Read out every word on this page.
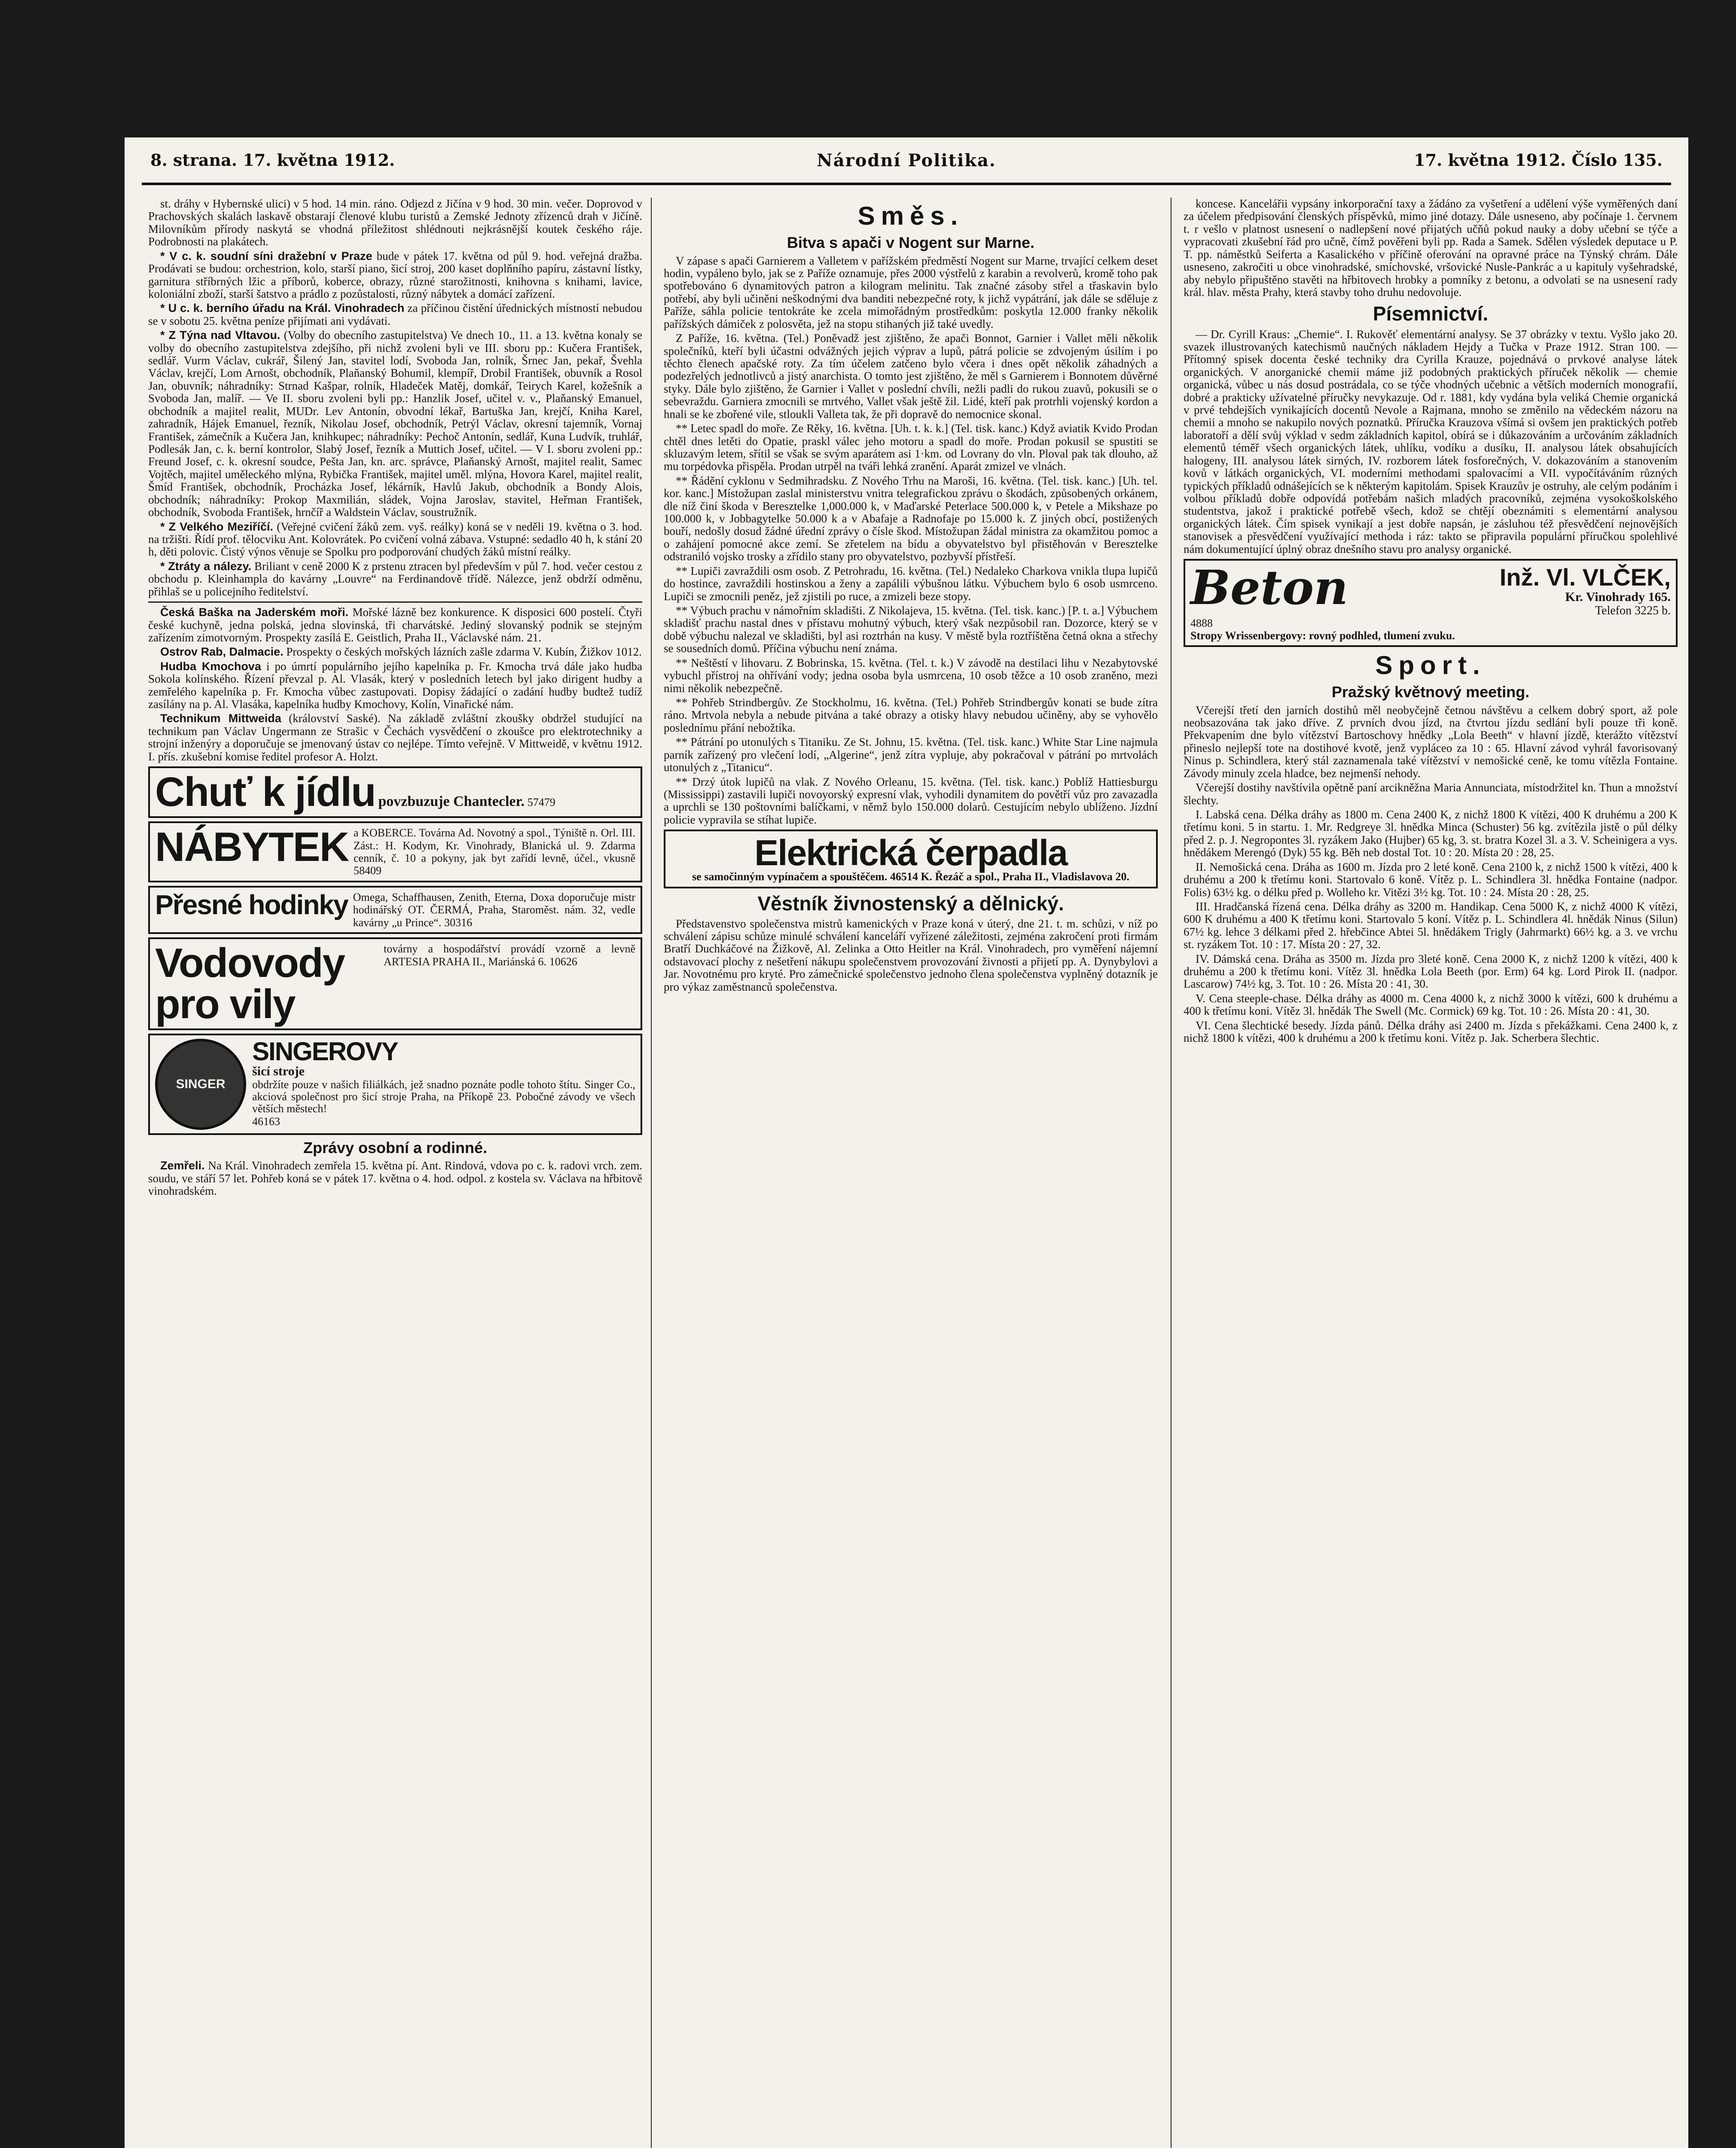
8. strana. 17. května 1912.	Národní Politika.	17. května 1912. Číslo 135.

st. dráhy v Hybernské ulici) v 5 hod. 14 min. ráno. Odjezd z Jičína v 9 hod. 30 min. večer. Doprovod v Prachovských skalách laskavě obstarají členové klubu turistů a Zemské Jednoty zřízenců drah v Jičíně. Milovníkům přírody naskytá se vhodná příležitost shlédnouti nejkrásnější koutek českého ráje. Podrobnosti na plakátech.

* V c. k. soudní síni dražební v Praze bude v pátek 17. května od půl 9. hod. veřejná dražba. Prodávati se budou: orchestrion, kolo, starší piano, šicí stroj, 200 kaset doplňního papíru, zástavní lístky, garnitura stříbrných lžic a příborů, koberce, obrazy, různé starožitnosti, knihovna s knihami, lavice, koloniální zboží, starší šatstvo a prádlo z pozůstalosti, různý nábytek a domácí zařízení.

* U c. k. berního úřadu na Král. Vinohradech za příčinou čistění úřednických místností nebudou se v sobotu 25. května peníze přijímati ani vydávati.

* Z Týna nad Vltavou. (Volby do obecního zastupitelstva) Ve dnech 10., 11. a 13. května konaly se volby do obecního zastupitelstva zdejšího, při nichž zvoleni byli ve III. sboru pp.: Kučera František, sedlář. Vurm Václav, cukrář, Šilený Jan, stavitel lodí, Svoboda Jan, rolník, Šrnec Jan, pekař, Švehla Václav, krejčí, Lom Arnošt, obchodník, Plaňanský Bohumil, klempíř, Drobil František, obuvník a Rosol Jan, obuvník; náhradníky: Strnad Kašpar, rolník, Hladeček Matěj, domkář, Teirych Karel, kožešník a Svoboda Jan, malíř. — Ve II. sboru zvoleni byli pp.: Hanzlik Josef, učitel v. v., Plaňanský Emanuel, obchodník a majitel realit, MUDr. Lev Antonín, obvodní lékař, Bartuška Jan, krejčí, Kniha Karel, zahradník, Hájek Emanuel, řezník, Nikolau Josef, obchodník, Petrýl Václav, okresní tajemník, Vornaj František, zámečník a Kučera Jan, knihkupec; náhradníky: Pechoč Antonín, sedlář, Kuna Ludvík, truhlář, Podlesák Jan, c. k. berní kontrolor, Slabý Josef, řezník a Muttich Josef, učitel. — V I. sboru zvoleni pp.: Freund Josef, c. k. okresní soudce, Pešta Jan, kn. arc. správce, Plaňanský Arnošt, majitel realit, Samec Vojtěch, majitel uměleckého mlýna, Rybička František, majitel uměl. mlýna, Hovora Karel, majitel realit, Šmíd František, obchodník, Procházka Josef, lékárník, Havlů Jakub, obchodník a Bondy Alois, obchodník; náhradníky: Prokop Maxmilián, sládek, Vojna Jaroslav, stavitel, Heřman František, obchodník, Svoboda František, hrnčíř a Waldstein Václav, soustružník.

* Z Velkého Meziříčí. (Veřejné cvičení žáků zem. vyš. reálky) koná se v neděli 19. května o 3. hod. na tržišti. Řídí prof. tělocviku Ant. Kolovrátek. Po cvičení volná zábava. Vstupné: sedadlo 40 h, k stání 20 h, děti polovic. Čistý výnos věnuje se Spolku pro podporování chudých žáků místní reálky.

* Ztráty a nálezy. Briliant v ceně 2000 K z prstenu ztracen byl především v půl 7. hod. večer cestou z obchodu p. Kleinhampla do kavárny „Louvre“ na Ferdinandově třídě. Nálezce, jenž obdrží odměnu, přihlaš se u policejního ředitelství.

Česká Baška na Jaderském moři. Mořské lázně bez konkurence. K disposici 600 postelí. Čtyři české kuchyně, jedna polská, jedna slovinská, tři charvátské. Jediný slovanský podnik se stejným zařízením zimotvorným. Prospekty zasílá E. Geistlich, Praha II., Václavské nám. 21.

Ostrov Rab, Dalmacie. Prospekty o českých mořských lázních zašle zdarma V. Kubín, Žižkov 1012.

Hudba Kmochova i po úmrtí populárního jejího kapelníka p. Fr. Kmocha trvá dále jako hudba Sokola kolínského. Řízení převzal p. Al. Vlasák, který v posledních letech byl jako dirigent hudby a zemřelého kapelníka p. Fr. Kmocha vůbec zastupovati. Dopisy žádající o zadání hudby budtež tudíž zasílány na p. Al. Vlasáka, kapelníka hudby Kmochovy, Kolín, Vinařické nám.

Technikum Mittweida (království Saské). Na základě zvláštní zkoušky obdržel studující na technikum pan Václav Ungermann ze Strašic v Čechách vysvědčení o zkoušce pro elektrotechniky a strojní inženýry a doporučuje se jmenovaný ústav co nejlépe. Tímto veřejně. V Mittweidě, v květnu 1912. I. přís. zkušební komise ředitel profesor A. Holzt.

Chuť k jídlu povzbuzuje Chantecler. 57479
NÁBYTEK a KOBERCE. Továrna Ad. Novotný a spol., Týniště n. Orl. III. Zást.: H. Kodym, Kr. Vinohrady, Blanická ul. 9. Zdarma cenník, č. 10 a pokyny, jak byt zařídí levně, účel., vkusně 58409
Přesné hodinky Omega, Schaffhausen, Zenith, Eterna, Doxa doporučuje mistr hodinářský OT. ČERMÁ, Praha, Staroměst. nám. 32, vedle kavárny „u Prince“. 30316
Vodovody pro vily
továrny a hospodářství provádí vzorně a levně ARTESIA PRAHA II., Mariánská 6. 10626
SINGER
SINGEROVY
šicí stroje
obdržíte pouze v našich filiálkách, jež snadno poznáte podle tohoto štítu. Singer Co., akciová společnost pro šicí stroje Praha, na Příkopě 23. Pobočné závody ve všech větších městech!
46163
Zprávy osobní a rodinné.

Zemřeli. Na Král. Vinohradech zemřela 15. května pí. Ant. Rindová, vdova po c. k. radovi vrch. zem. soudu, ve stáří 57 let. Pohřeb koná se v pátek 17. května o 4. hod. odpol. z kostela sv. Václava na hřbitově vinohradském.

Směs.
Bitva s apači v Nogent sur Marne.

V zápase s apači Garnierem a Valletem v pařížském předměstí Nogent sur Marne, trvající celkem deset hodin, vypáleno bylo, jak se z Paříže oznamuje, přes 2000 výstřelů z karabin a revolverů, kromě toho pak spotřebováno 6 dynamitových patron a kilogram melinitu. Tak značné zásoby střel a třaskavin bylo potřebí, aby byli učiněni neškodnými dva banditi nebezpečné roty, k jichž vypátrání, jak dále se sděluje z Paříže, sáhla policie tentokráte ke zcela mimořádným prostředkům: poskytla 12.000 franky několik pařížských dámiček z polosvěta, jež na stopu stihaných již také uvedly.

Z Paříže, 16. května. (Tel.) Poněvadž jest zjištěno, že apači Bonnot, Garnier i Vallet měli několik společníků, kteří byli účastni odvážných jejich výprav a lupů, pátrá policie se zdvojeným úsilím i po těchto členech apačské roty. Za tím účelem zatčeno bylo včera i dnes opět několik záhadných a podezřelých jednotlivců a jistý anarchista. O tomto jest zjištěno, že měl s Garnierem i Bonnotem důvěrné styky. Dále bylo zjištěno, že Garnier i Vallet v poslední chvíli, nežli padli do rukou zuavů, pokusili se o sebevraždu. Garniera zmocnili se mrtvého, Vallet však ještě žil. Lidé, kteří pak protrhli vojenský kordon a hnali se ke zbořené vile, stloukli Valleta tak, že při dopravě do nemocnice skonal.

** Letec spadl do moře. Ze Rěky, 16. května. [Uh. t. k. k.] (Tel. tisk. kanc.) Když aviatik Kvido Prodan chtěl dnes letěti do Opatie, praskl válec jeho motoru a spadl do moře. Prodan pokusil se spustiti se skluzavým letem, sřítil se však se svým aparátem asi 1·km. od Lovrany do vln. Ploval pak tak dlouho, až mu torpédovka přispěla. Prodan utrpěl na tváři lehká zranění. Aparát zmizel ve vlnách.

** Řádění cyklonu v Sedmihradsku. Z Nového Trhu na Maroši, 16. května. (Tel. tisk. kanc.) [Uh. tel. kor. kanc.] Místožupan zaslal ministerstvu vnitra telegrafickou zprávu o škodách, způsobených orkánem, dle níž činí škoda v Beresztelke 1,000.000 k, v Maďarské Peterlace 500.000 k, v Petele a Mikshaze po 100.000 k, v Jobbagytelke 50.000 k a v Abafaje a Radnofaje po 15.000 k. Z jiných obcí, postižených bouří, nedošly dosud žádné úřední zprávy o čísle škod. Místožupan žádal ministra za okamžitou pomoc a o zahájení pomocné akce zemí. Se zřetelem na bídu a obyvatelstvo byl přistěhován v Beresztelke odstraniló vojsko trosky a zřídilo stany pro obyvatelstvo, pozbyvší přístřeší.

** Lupiči zavraždili osm osob. Z Petrohradu, 16. května. (Tel.) Nedaleko Charkova vnikla tlupa lupičů do hostince, zavraždili hostinskou a ženy a zapálili výbušnou látku. Výbuchem bylo 6 osob usmrceno. Lupiči se zmocnili peněz, jež zjistili po ruce, a zmizeli beze stopy.

** Výbuch prachu v námořním skladišti. Z Nikolajeva, 15. května. (Tel. tisk. kanc.) [P. t. a.] Výbuchem skladišť prachu nastal dnes v přístavu mohutný výbuch, který však nezpůsobil ran. Dozorce, který se v době výbuchu nalezal ve skladišti, byl asi roztrhán na kusy. V městě byla roztříštěna četná okna a střechy se sousedních domů. Příčina výbuchu není známa.

** Neštěstí v lihovaru. Z Bobrinska, 15. května. (Tel. t. k.) V závodě na destilaci lihu v Nezabytovské vybuchl přístroj na ohřívání vody; jedna osoba byla usmrcena, 10 osob těžce a 10 osob zraněno, mezi nimi několik nebezpečně.

** Pohřeb Strindbergův. Ze Stockholmu, 16. května. (Tel.) Pohřeb Strindbergův konati se bude zítra ráno. Mrtvola nebyla a nebude pitvána a také obrazy a otisky hlavy nebudou učiněny, aby se vyhovělo poslednímu přání nebožtíka.

** Pátrání po utonulých s Titaniku. Ze St. Johnu, 15. května. (Tel. tisk. kanc.) White Star Line najmula parník zařízený pro vlečení lodí, „Algerine“, jenž zítra vypluje, aby pokračoval v pátrání po mrtvolách utonulých z „Titanicu“.

** Drzý útok lupičů na vlak. Z Nového Orleanu, 15. května. (Tel. tisk. kanc.) Poblíž Hattiesburgu (Mississippi) zastavili lupiči novoyorský expresní vlak, vyhodili dynamitem do povětří vůz pro zavazadla a uprchli se 130 poštovními balíčkami, v němž bylo 150.000 dolarů. Cestujícím nebylo ublíženo. Jízdní policie vypravila se stíhat lupiče.

Elektrická čerpadla
se samočinným vypínačem a spouštěčem. 46514 K. Řezáč a spol., Praha II., Vladislavova 20.
Věstník živnostenský a dělnický.

Představenstvo společenstva mistrů kamenických v Praze koná v úterý, dne 21. t. m. schůzi, v níž po schválení zápisu schůze minulé schválení kanceláří vyřízené záležitosti, zejména zakročení proti firmám Bratří Duchkáčové na Žižkově, Al. Zelinka a Otto Heitler na Král. Vinohradech, pro vyměření nájemní odstavovací plochy z nešetření nákupu společenstvem provozování živnosti a přijetí pp. A. Dynybylovi a Jar. Novotnému pro kryté. Pro zámečnické společenstvo jednoho člena společenstva vyplněný dotazník je pro výkaz zaměstnanců společenstva.

koncese. Kancelářii vypsány inkorporační taxy a žádáno za vyšetření a udělení výše vyměřených daní za účelem předpisování členských příspěvků, mimo jiné dotazy. Dále usneseno, aby počínaje 1. červnem t. r vešlo v platnost usnesení o nadlepšení nové přijatých učňů pokud nauky a doby učební se týče a vypracovati zkušební řád pro učně, čímž pověřeni byli pp. Rada a Samek. Sdělen výsledek deputace u P. T. pp. náměstků Seifertа a Kasalického v příčině oferování na opravné práce na Týnský chrám. Dále usneseno, zakročiti u obce vinohradské, smíchovské, vršovické Nusle-Pankrác a u kapituly vyšehradské, aby nebylo připuštěno stavěti na hřbitovech hrobky a pomníky z betonu, a odvolati se na usnesení rady král. hlav. města Prahy, která stavby toho druhu nedovoluje.

Písemnictví.

— Dr. Cyrill Kraus: „Chemie“. I. Rukověť elementární analysy. Se 37 obrázky v textu. Vyšlo jako 20. svazek illustrovaných katechismů naučných nákladem Hejdy a Tučka v Praze 1912. Stran 100. — Přítomný spisek docenta české techniky dra Cyrilla Krauze, pojednává o prvkové analyse látek organických. V anorganické chemii máme již podobných praktických příruček několik — chemie organická, vůbec u nás dosud postrádala, co se týče vhodných učebnic a větších moderních monografií, dobré a prakticky užívatelné příručky nevykazuje. Od r. 1881, kdy vydána byla veliká Chemie organická v prvé tehdejších vynikajících docentů Nevole a Rajmana, mnoho se změnilo na vědeckém názoru na chemii a mnoho se nakupilo nových poznatků. Příručka Krauzova všímá si ovšem jen praktických potřeb laboratoří a dělí svůj výklad v sedm základních kapitol, obírá se i důkazováním a určováním základních elementů téměř všech organických látek, uhlíku, vodíku a dusíku, II. analysou látek obsahujících halogeny, III. analysou látek sirných, IV. rozborem látek fosforečných, V. dokazováním a stanovením kovů v látkách organických, VI. moderními methodami spalovacími a VII. vypočítáváním různých typických příkladů odnášejících se k některým kapitolám. Spisek Krauzův je ostruhy, ale celým podáním i volbou příkladů dobře odpovídá potřebám našich mladých pracovníků, zejména vysokoškolského studentstva, jakož i praktické potřebě všech, kdož se chtějí obeznámiti s elementární analysou organických látek. Čím spisek vynikají a jest dobře napsán, je zásluhou též přesvědčení nejnovějších stanovisek a přesvědčení využívající methoda i ráz: takto se připravila populární příručkou spolehlivé nám dokumentující úplný obraz dnešního stavu pro analysy organické.

Beton	Inž. Vl. VLČEK,
Kr. Vinohrady 165.
Telefon 3225 b.
4888
Stropy Wrissenbergovy: rovný podhled, tlumení zvuku.
Sport.
Pražský květnový meeting.

Včerejší třetí den jarních dostihů měl neobyčejně četnou návštěvu a celkem dobrý sport, až pole neobsazována tak jako dříve. Z prvních dvou jízd, na čtvrtou jízdu sedlání byli pouze tři koně. Překvapením dne bylo vítězství Bartoschovy hnědky „Lola Beeth“ v hlavní jízdě, kterážto vítězství přineslo nejlepší tote na dostihové kvotě, jenž vypláceo za 10 : 65. Hlavní závod vyhrál favorisovaný Ninus p. Schindlera, který stál zaznamenala také vítězství v nemošické ceně, ke tomu vítězla Fontaine. Závody minuly zcela hladce, bez nejmenší nehody.

Včerejší dostihy navštívila opětně paní arcikněžna Maria Annunciata, místodržitel kn. Thun a množství šlechty.

I. Labská cena. Délka dráhy as 1800 m. Cena 2400 K, z nichž 1800 K vítězi, 400 K druhému a 200 K třetímu koni. 5 in startu. 1. Mr. Redgreye 3l. hnědka Minca (Schuster) 56 kg. zvítězila jistě o půl délky před 2. p. J. Negropontes 3l. ryzákem Jako (Hujber) 65 kg, 3. st. bratra Kozel 3l. a 3. V. Scheinigera a vys. hnědákem Merengó (Dyk) 55 kg. Běh neb dostal Tot. 10 : 20. Místa 20 : 28, 25.

II. Nemošická cena. Dráha as 1600 m. Jízda pro 2 leté koně. Cena 2100 k, z nichž 1500 k vítězi, 400 k druhému a 200 k třetímu koni. Startovalo 6 koně. Vítěz p. L. Schindlera 3l. hnědka Fontaine (nadpor. Folis) 63½ kg. o délku před p. Wolleho kr. Vitězi 3½ kg. Tot. 10 : 24. Místa 20 : 28, 25.

III. Hradčanská řízená cena. Délka dráhy as 3200 m. Handikap. Cena 5000 K, z nichž 4000 K vítězi, 600 K druhému a 400 K třetímu koni. Startovalo 5 koní. Vítěz p. L. Schindlera 4l. hnědák Ninus (Silun) 67½ kg. lehce 3 délkami před 2. hřebčince Abtei 5l. hnědákem Trigly (Jahrmarkt) 66½ kg. a 3. ve vrchu st. ryzákem Tot. 10 : 17. Místa 20 : 27, 32.

IV. Dámská cena. Dráha as 3500 m. Jízda pro 3leté koně. Cena 2000 K, z nichž 1200 k vítězi, 400 k druhému a 200 k třetímu koni. Vítěz 3l. hnědka Lola Beeth (por. Erm) 64 kg. Lord Pirok II. (nadpor. Lascarow) 74½ kg, 3. Tot. 10 : 26. Místa 20 : 41, 30.

V. Cena steeple-chase. Délka dráhy as 4000 m. Cena 4000 k, z nichž 3000 k vítězi, 600 k druhému a 400 k třetímu koni. Vítěz 3l. hnědák The Swell (Mc. Cormick) 69 kg. Tot. 10 : 26. Místa 20 : 41, 30.

VI. Cena šlechtické besedy. Jízda pánů. Délka dráhy asi 2400 m. Jízda s překážkami. Cena 2400 k, z nichž 1800 k vítězi, 400 k druhému a 200 k třetímu koni. Vítěz p. Jak. Scherbera šlechtic.
